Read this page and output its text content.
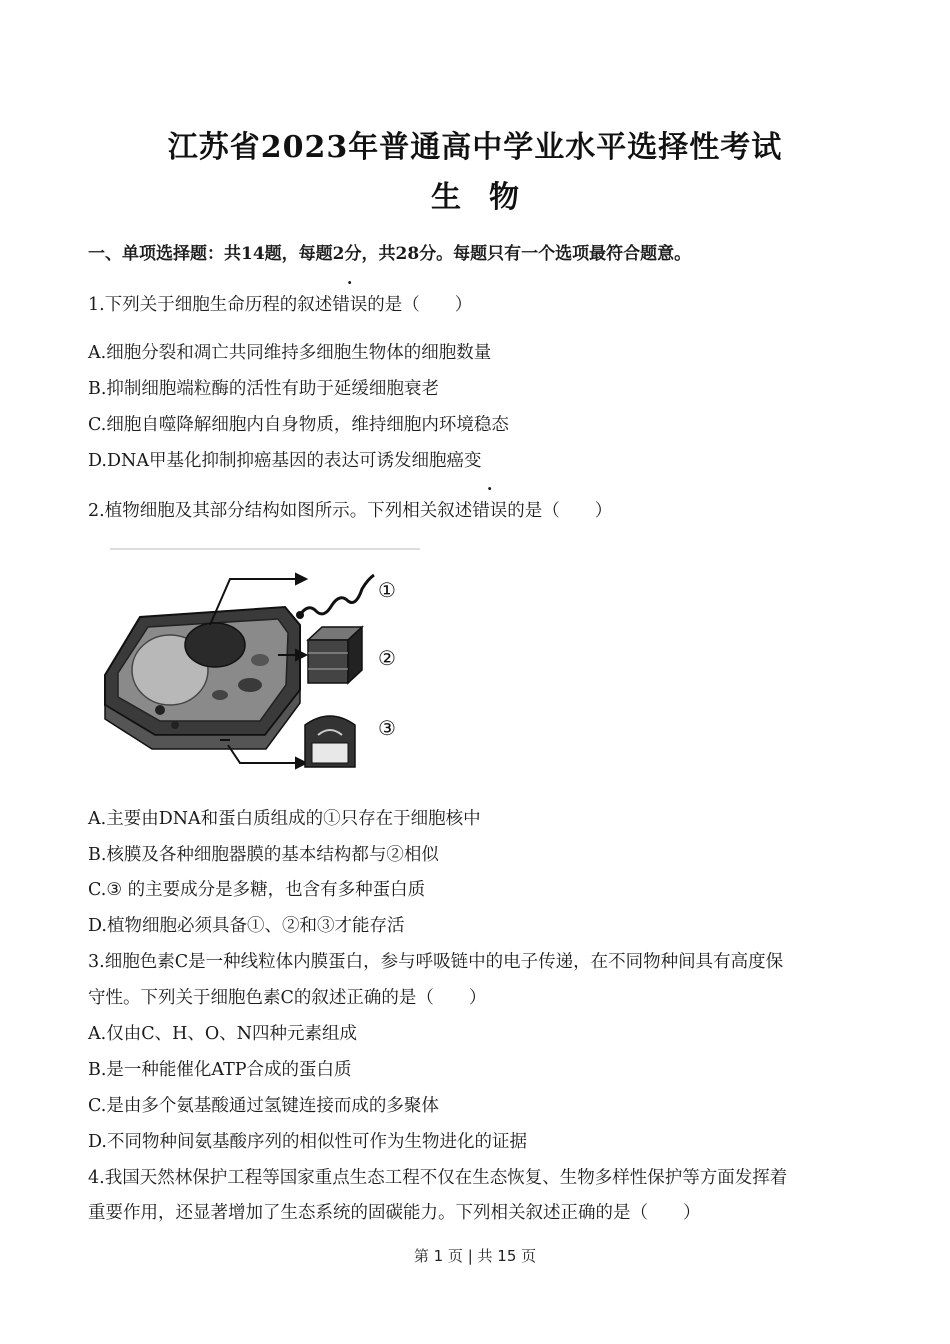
江苏省2023年普通高中学业水平选择性考试
生物
一、单项选择题：共14题，每题2分，共28分。每题只有一个选项最符合题意。
1.下列关于细胞生命历程的叙述错误的是（　　）
A.细胞分裂和凋亡共同维持多细胞生物体的细胞数量
B.抑制细胞端粒酶的活性有助于延缓细胞衰老
C.细胞自噬降解细胞内自身物质，维持细胞内环境稳态
D.DNA甲基化抑制抑癌基因的表达可诱发细胞癌变
2.植物细胞及其部分结构如图所示。下列相关叙述错误的是（　　）
①
②
③
A.主要由DNA和蛋白质组成的①只存在于细胞核中
B.核膜及各种细胞器膜的基本结构都与②相似
C.③ 的主要成分是多糖，也含有多种蛋白质
D.植物细胞必须具备①、②和③才能存活
3.细胞色素C是一种线粒体内膜蛋白，参与呼吸链中的电子传递，在不同物种间具有高度保
守性。下列关于细胞色素C的叙述正确的是（　　）
A.仅由C、H、O、N四种元素组成
B.是一种能催化ATP合成的蛋白质
C.是由多个氨基酸通过氢键连接而成的多聚体
D.不同物种间氨基酸序列的相似性可作为生物进化的证据
4.我国天然林保护工程等国家重点生态工程不仅在生态恢复、生物多样性保护等方面发挥着
重要作用，还显著增加了生态系统的固碳能力。下列相关叙述正确的是（　　）
第 1 页 | 共 15 页
